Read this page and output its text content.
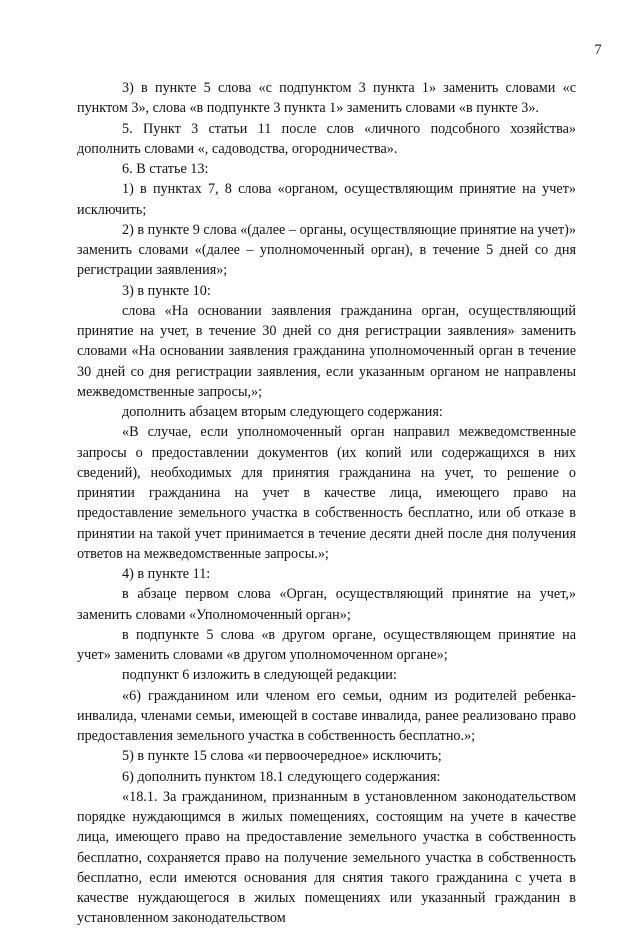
7

3) в пункте 5 слова «с подпунктом 3 пункта 1» заменить словами «с пунктом 3», слова «в подпункте 3 пункта 1» заменить словами «в пункте 3».

5. Пункт 3 статьи 11 после слов «личного подсобного хозяйства» дополнить словами «, садоводства, огородничества».

6. В статье 13:

1) в пунктах 7, 8 слова «органом, осуществляющим принятие на учет» исключить;

2) в пункте 9 слова «(далее – органы, осуществляющие принятие на учет)» заменить словами «(далее – уполномоченный орган), в течение 5 дней со дня регистрации заявления»;

3) в пункте 10:

слова «На основании заявления гражданина орган, осуществляющий принятие на учет, в течение 30 дней со дня регистрации заявления» заменить словами «На основании заявления гражданина уполномоченный орган в течение 30 дней со дня регистрации заявления, если указанным органом не направлены межведомственные запросы,»;

дополнить абзацем вторым следующего содержания:

«В случае, если уполномоченный орган направил межведомственные запросы о предоставлении документов (их копий или содержащихся в них сведений), необходимых для принятия гражданина на учет, то решение о принятии гражданина на учет в качестве лица, имеющего право на предоставление земельного участка в собственность бесплатно, или об отказе в принятии на такой учет принимается в течение десяти дней после дня получения ответов на межведомственные запросы.»;

4) в пункте 11:

в абзаце первом слова «Орган, осуществляющий принятие на учет,» заменить словами «Уполномоченный орган»;

в подпункте 5 слова «в другом органе, осуществляющем принятие на учет» заменить словами «в другом уполномоченном органе»;

подпункт 6 изложить в следующей редакции:

«6) гражданином или членом его семьи, одним из родителей ребенка-инвалида, членами семьи, имеющей в составе инвалида, ранее реализовано право предоставления земельного участка в собственность бесплатно.»;

5) в пункте 15 слова «и первоочередное» исключить;

6) дополнить пунктом 18.1 следующего содержания:

«18.1. За гражданином, признанным в установленном законодательством порядке нуждающимся в жилых помещениях, состоящим на учете в качестве лица, имеющего право на предоставление земельного участка в собственность бесплатно, сохраняется право на получение земельного участка в собственность бесплатно, если имеются основания для снятия такого гражданина с учета в качестве нуждающегося в жилых помещениях или указанный гражданин в установленном законодательством
